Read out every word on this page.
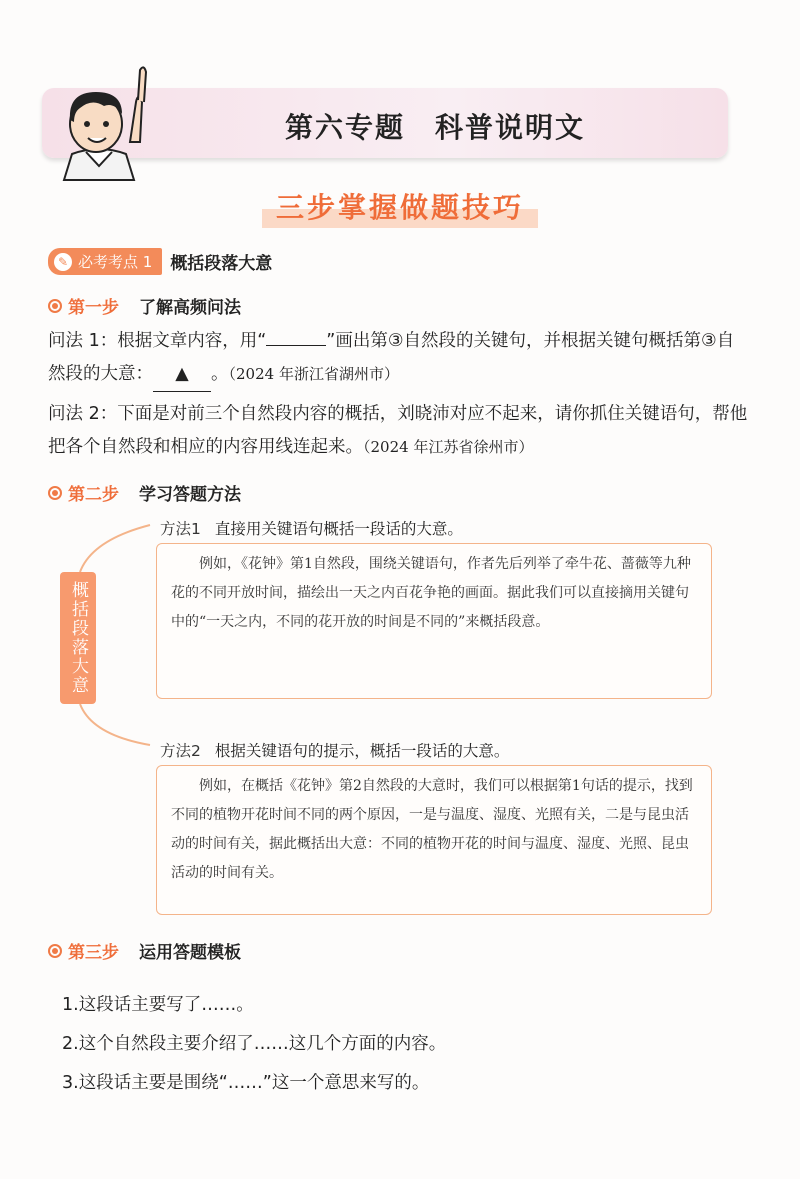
第六专题　科普说明文
三步掌握做题技巧
✎ 必考考点 1 概括段落大意
第一步 了解高频问法
问法 1：根据文章内容，用“	”画出第③自然段的关键句，并根据关键句概括第③自然段的大意： ▲ 。（2024 年浙江省湖州市）
问法 2：下面是对前三个自然段内容的概括，刘晓沛对应不起来，请你抓住关键语句，帮他把各个自然段和相应的内容用线连起来。（2024 年江苏省徐州市）
第二步 学习答题方法
概括段落大意
方法1 直接用关键语句概括一段话的大意。
例如，《花钟》第1自然段，围绕关键语句，作者先后列举了牵牛花、蔷薇等九种花的不同开放时间，描绘出一天之内百花争艳的画面。据此我们可以直接摘用关键句中的“一天之内，不同的花开放的时间是不同的”来概括段意。
方法2 根据关键语句的提示，概括一段话的大意。
例如，在概括《花钟》第2自然段的大意时，我们可以根据第1句话的提示，找到不同的植物开花时间不同的两个原因，一是与温度、湿度、光照有关，二是与昆虫活动的时间有关，据此概括出大意：不同的植物开花的时间与温度、湿度、光照、昆虫活动的时间有关。
第三步 运用答题模板
1.这段话主要写了……。
2.这个自然段主要介绍了……这几个方面的内容。
3.这段话主要是围绕“……”这一个意思来写的。
